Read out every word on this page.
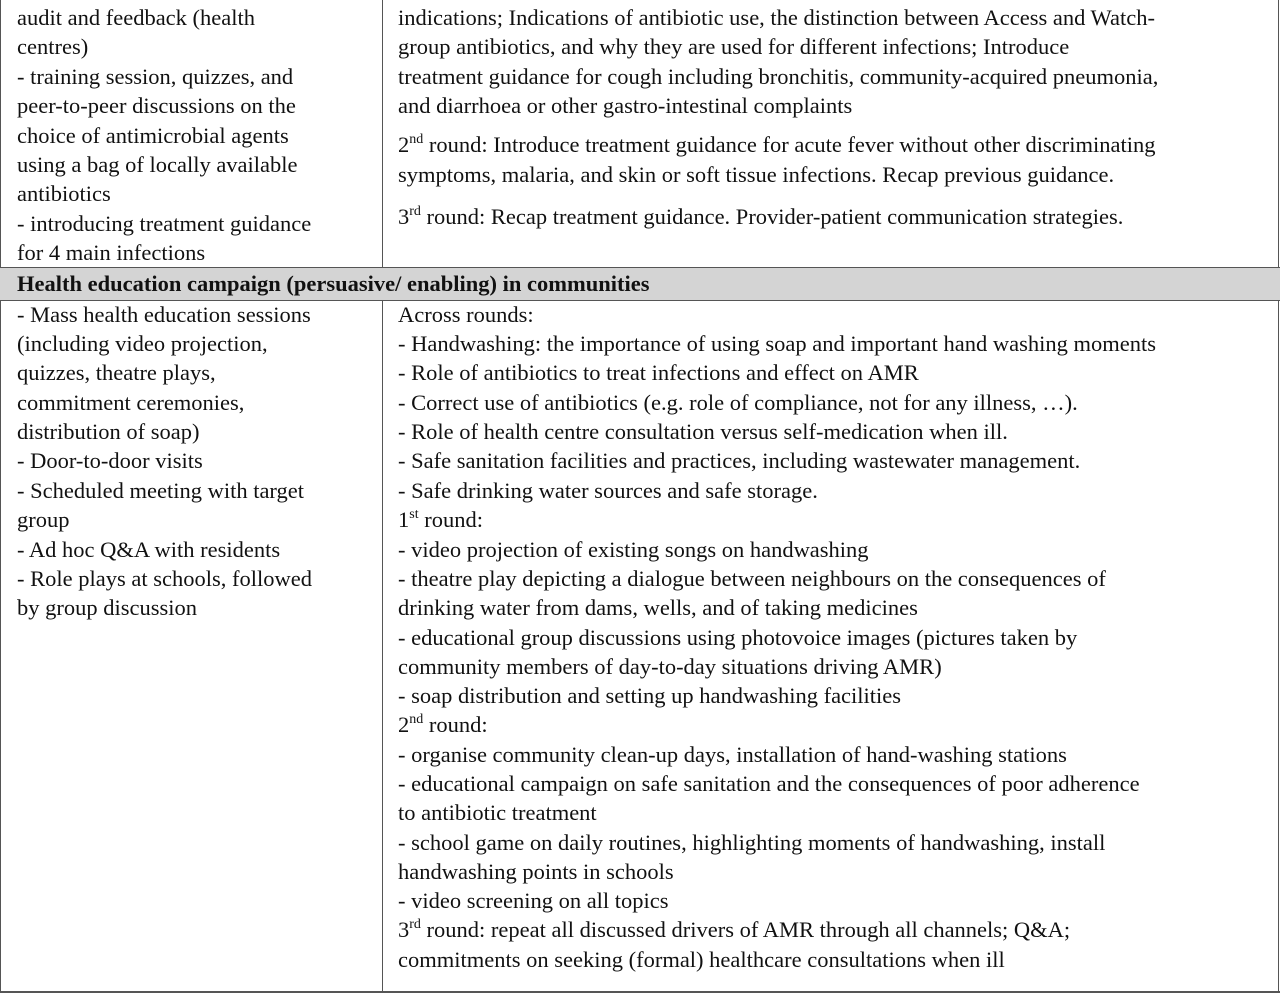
audit and feedback (health
centres)
- training session, quizzes, and
peer-to-peer discussions on the
choice of antimicrobial agents
using a bag of locally available
antibiotics
- introducing treatment guidance
for 4 main infections
indications; Indications of antibiotic use, the distinction between Access and Watch-
group antibiotics, and why they are used for different infections; Introduce
treatment guidance for cough including bronchitis, community-acquired pneumonia,
and diarrhoea or other gastro-intestinal complaints
2nd round: Introduce treatment guidance for acute fever without other discriminating
symptoms, malaria, and skin or soft tissue infections. Recap previous guidance.
3rd round: Recap treatment guidance. Provider-patient communication strategies.
Health education campaign (persuasive/ enabling) in communities
- Mass health education sessions
(including video projection,
quizzes, theatre plays,
commitment ceremonies,
distribution of soap)
- Door-to-door visits
- Scheduled meeting with target
group
- Ad hoc Q&A with residents
- Role plays at schools, followed
by group discussion
Across rounds:
- Handwashing: the importance of using soap and important hand washing moments
- Role of antibiotics to treat infections and effect on AMR
- Correct use of antibiotics (e.g. role of compliance, not for any illness, …).
- Role of health centre consultation versus self-medication when ill.
- Safe sanitation facilities and practices, including wastewater management.
- Safe drinking water sources and safe storage.
1st round:
- video projection of existing songs on handwashing
- theatre play depicting a dialogue between neighbours on the consequences of
drinking water from dams, wells, and of taking medicines
- educational group discussions using photovoice images (pictures taken by
community members of day-to-day situations driving AMR)
- soap distribution and setting up handwashing facilities
2nd round:
- organise community clean-up days, installation of hand-washing stations
- educational campaign on safe sanitation and the consequences of poor adherence
to antibiotic treatment
- school game on daily routines, highlighting moments of handwashing, install
handwashing points in schools
- video screening on all topics
3rd round: repeat all discussed drivers of AMR through all channels; Q&A;
commitments on seeking (formal) healthcare consultations when ill
